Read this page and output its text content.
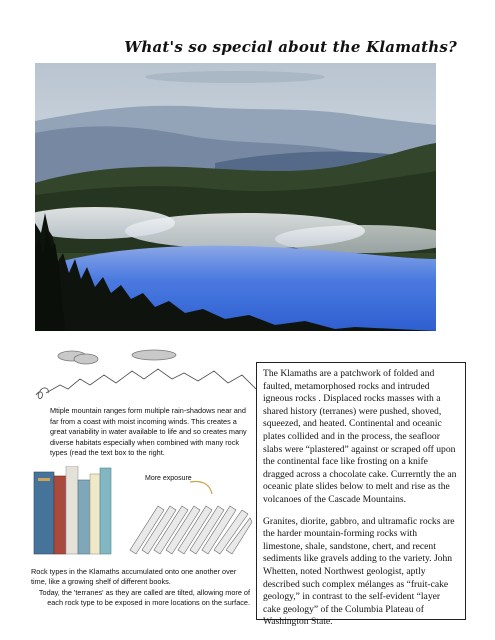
What's so special about the Klamaths?
Mtiple mountain ranges form multiple rain-shadows near and far from a coast with moist incoming winds. This creates a great variability in water available to life and so creates many diverse habitats especially when combined with many rock types (read the text box to the right.
More exposure

Rock types in the Klamaths accumulated onto one another over time, like a growing shelf of different books.

Today, the 'terranes' as they are called are tilted, allowing more of each rock type to be exposed in more locations on the surface.

The Klamaths are a patchwork of folded and faulted, metamorphosed rocks and intruded igneous rocks . Displaced rocks masses with a shared history (terranes) were pushed, shoved, squeezed, and heated. Continental and oceanic plates collided and in the process, the seafloor slabs were “plastered” against or scraped off upon the continental face like frosting on a knife dragged across a chocolate cake. Currerntly the an oceanic plate slides below to melt and rise as the volcanoes of the Cascade Mountains.

Granites, diorite, gabbro, and ultramafic rocks are the harder mountain-forming rocks with limestone, shale, sandstone, chert, and recent sediments like gravels adding to the variety. John Whetten, noted Northwest geologist, aptly described such complex mélanges as “fruit-cake geology,” in contrast to the self-evident “layer cake geology” of the Columbia Plateau of Washington State.
